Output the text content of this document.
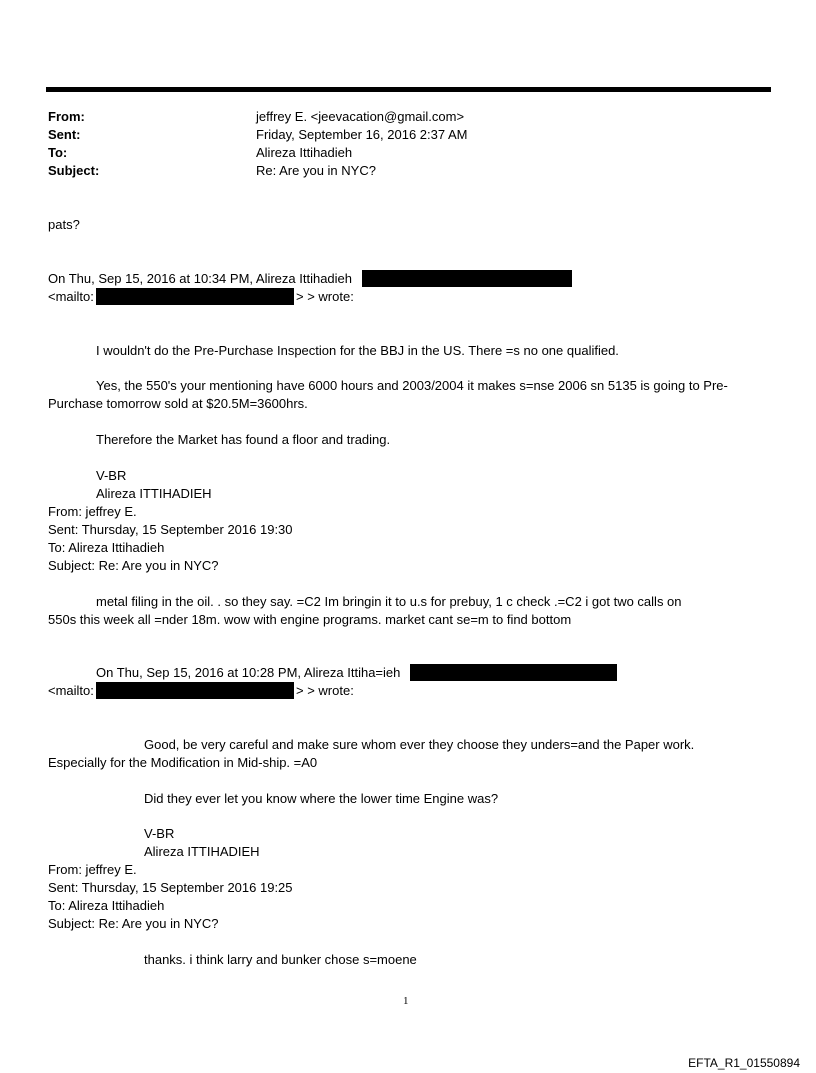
From:	jeffrey E. <jeevacation@gmail.com>
Sent:	Friday, September 16, 2016 2:37 AM
To:	Alireza Ittihadieh
Subject:	Re: Are you in NYC?
pats?
On Thu, Sep 15, 2016 at 10:34 PM, Alireza Ittihadieh
<mailto:	> > wrote:
I wouldn't do the Pre-Purchase Inspection for the BBJ in the US. There =s no one qualified.
Yes, the 550's your mentioning have 6000 hours and 2003/2004 it makes s=nse 2006 sn 5135 is going to Pre-
Purchase tomorrow sold at $20.5M=3600hrs.
Therefore the Market has found a floor and trading.
V-BR
Alireza ITTIHADIEH
From: jeffrey E.
Sent: Thursday, 15 September 2016 19:30
To: Alireza Ittihadieh
Subject: Re: Are you in NYC?
metal filing in the oil. . so they say. =C2 Im bringin it to u.s for prebuy, 1 c check .=C2 i got two calls on
550s this week all =nder 18m. wow with engine programs. market cant se=m to find bottom
On Thu, Sep 15, 2016 at 10:28 PM, Alireza Ittiha=ieh
<mailto:	> > wrote:
Good, be very careful and make sure whom ever they choose they unders=and the Paper work.
Especially for the Modification in Mid-ship. =A0
Did they ever let you know where the lower time Engine was?
V-BR
Alireza ITTIHADIEH
From: jeffrey E.
Sent: Thursday, 15 September 2016 19:25
To: Alireza Ittihadieh
Subject: Re: Are you in NYC?
thanks. i think larry and bunker chose s=moene
1
EFTA_R1_01550894
